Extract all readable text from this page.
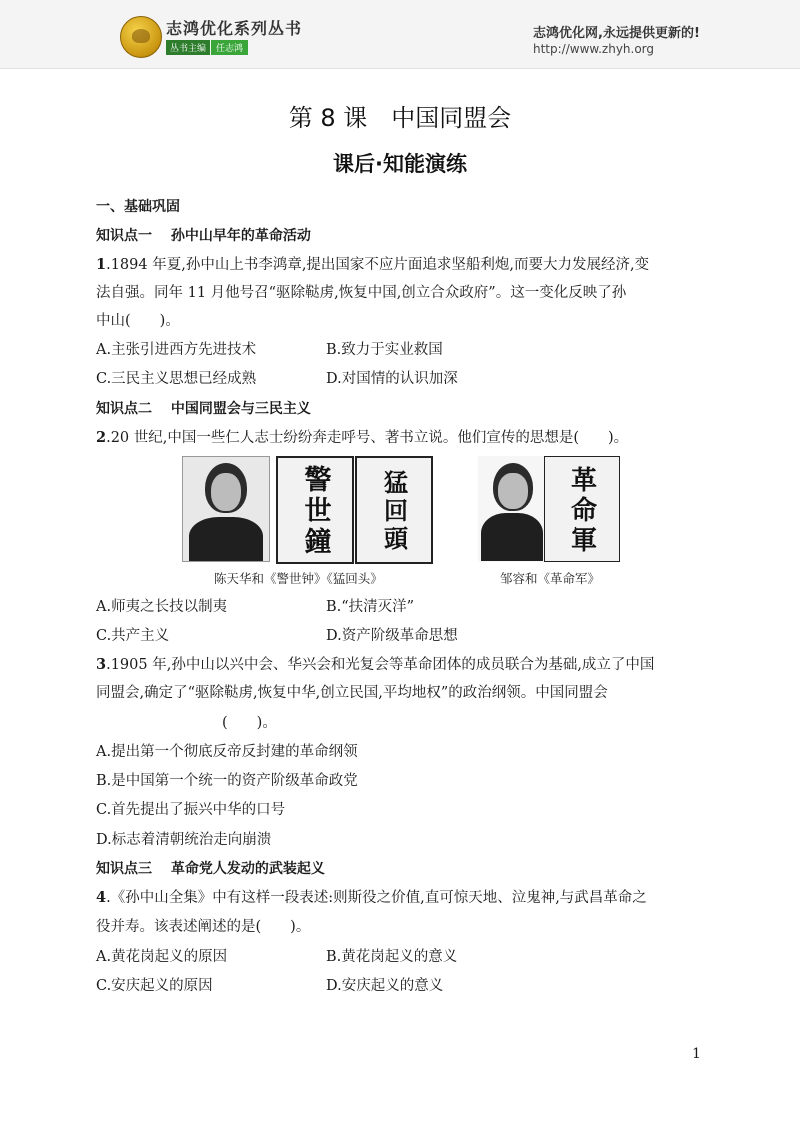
志鸿优化系列丛书
丛书主编 任志鸿
志鸿优化网,永远提供更新的!
http://www.zhyh.org
第 8 课　中国同盟会
课后·知能演练
一、基础巩固
知识点一　 孙中山早年的革命活动
1.1894 年夏,孙中山上书李鸿章,提出国家不应片面追求坚船利炮,而要大力发展经济,变
法自强。同年 11 月他号召“驱除鞑虏,恢复中国,创立合众政府”。这一变化反映了孙
中山(　　)。
A.主张引进西方先进技术	B.致力于实业救国
C.三民主义思想已经成熟	D.对国情的认识加深
知识点二　 中国同盟会与三民主义
2.20 世纪,中国一些仁人志士纷纷奔走呼号、著书立说。他们宣传的思想是(　　)。
警世鐘 猛回頭
陈天华和《警世钟》《猛回头》
革命軍
邹容和《革命军》
A.师夷之长技以制夷	B.“扶清灭洋”
C.共产主义	D.资产阶级革命思想
3.1905 年,孙中山以兴中会、华兴会和光复会等革命团体的成员联合为基础,成立了中国
同盟会,确定了“驱除鞑虏,恢复中华,创立民国,平均地权”的政治纲领。中国同盟会
(　　)。
A.提出第一个彻底反帝反封建的革命纲领
B.是中国第一个统一的资产阶级革命政党
C.首先提出了振兴中华的口号
D.标志着清朝统治走向崩溃
知识点三　 革命党人发动的武装起义
4.《孙中山全集》中有这样一段表述:则斯役之价值,直可惊天地、泣鬼神,与武昌革命之
役并寿。该表述阐述的是(　　)。
A.黄花岗起义的原因	B.黄花岗起义的意义
C.安庆起义的原因	D.安庆起义的意义
1
